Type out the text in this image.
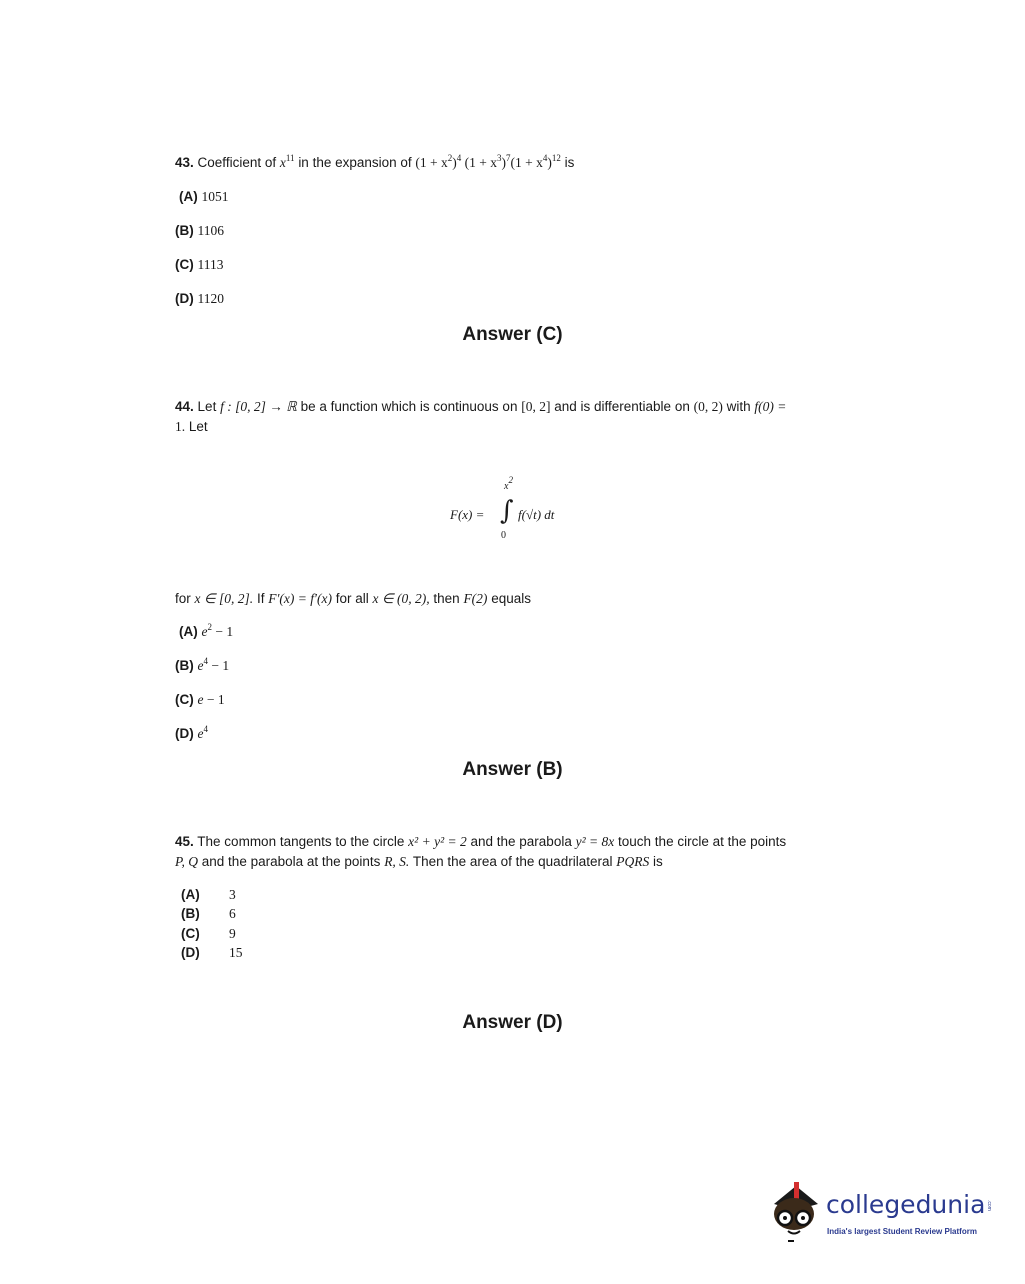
43. Coefficient of $x^{11}$ in the expansion of $(1 + x^2)^4$ $(1 + x^3)^7(1 + x^4)^{12}$ is
(A) 1051
(B) 1106
(C) 1113
(D) 1120
Answer (C)
44. Let f : [0, 2] → ℝ be a function which is continuous on [0, 2] and is differentiable on (0, 2) with f(0) =
1. Let
F(x) =
$x^2$
∫
0
f(√t) dt
for x ∈ [0, 2]. If F′(x) = f′(x) for all x ∈ (0, 2), then F(2) equals
(A) $e^2 - 1$
(B) $e^4 - 1$
(C) e − 1
(D) $e^4$
Answer (B)
45. The common tangents to the circle x² + y² = 2 and the parabola y² = 8x touch the circle at the points
P, Q and the parabola at the points R, S. Then the area of the quadrilateral PQRS is
(A) 3
(B) 6
(C) 9
(D) 15
Answer (D)
collegedunia .com
India's largest Student Review Platform
